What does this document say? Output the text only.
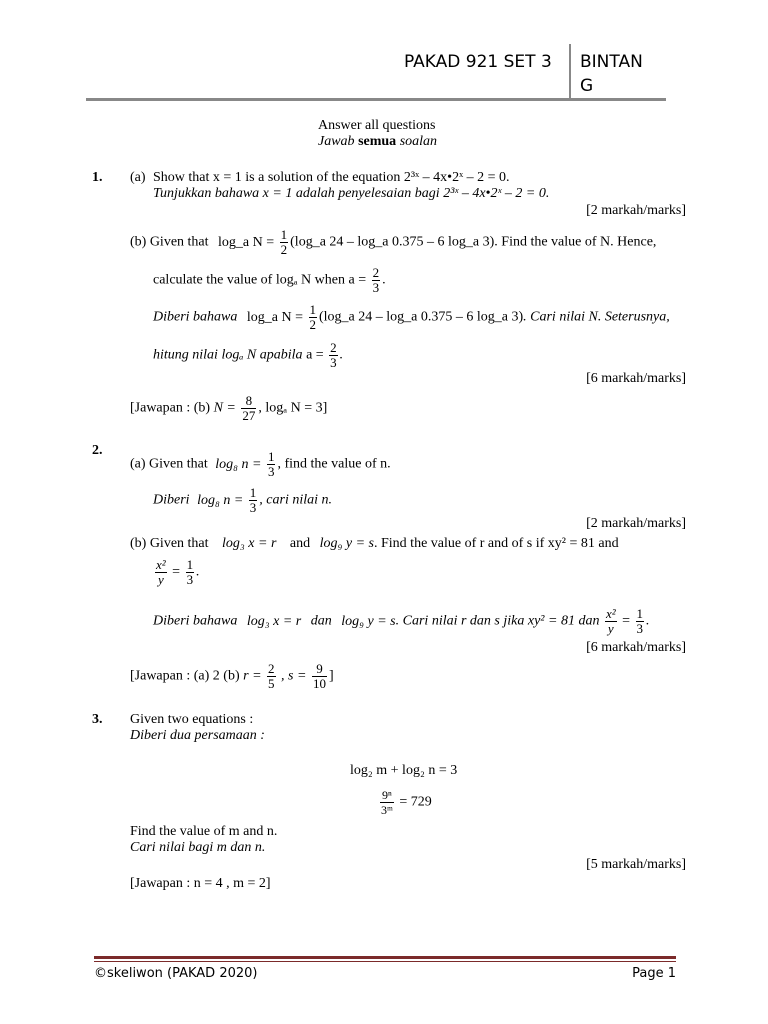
PAKAD 921 SET 3 BINTAN
G
Answer all questions
Jawab semua soalan
1. (a) Show that x = 1 is a solution of the equation 2³ˣ – 4x•2ˣ – 2 = 0.
Tunjukkan bahawa x = 1 adalah penyelesaian bagi 2³ˣ – 4x•2ˣ – 2 = 0.
[2 markah/marks]
(b) Given that log_a $N = \frac{1}{2}$ (log_a 24 – log_a 0.375 – 6 log_a 3). Find the value of N. Hence,
calculate the value of logₐ N when $a = \frac{2}{3}$ .
Diberi bahawa log_a $N = \frac{1}{2}$ (log_a 24 – log_a 0.375 – 6 log_a 3). Cari nilai N. Seterusnya,
hitung nilai logₐ N apabila $a = \frac{2}{3}$ .
[6 markah/marks]
[Jawapan : (b) $N = \frac{8}{27}$ , logₐ N = 3]
2.
(a) Given that log₈ $n = \frac{1}{3}$ , find the value of n.
Diberi log₈ $n = \frac{1}{3}$ , cari nilai n.
[2 markah/marks]
(b) Given that log₃ x = r and log₉ y = s. Find the value of r and of s if xy² = 81 and
$\frac{\text{x²}}{y} = \frac{1}{3}$ .
Diberi bahawa log₃ x = r dan log₉ y = s. Cari nilai r dan s jika xy² = 81 dan $\frac{\text{x²}}{y} = \frac{1}{3}$ .
[6 markah/marks]
[Jawapan : (a) 2 (b) $r = \frac{2}{5}$ , $s = \frac{9}{10}$ ]
3. Given two equations :
Diberi dua persamaan :
log₂ m + log₂ n = 3
$\frac{\text{9ⁿ}}{\text{3ᵐ}} = 729$
Find the value of m and n.
Cari nilai bagi m dan n.
[5 markah/marks]
[Jawapan : n = 4 , m = 2]
©skeliwon (PAKAD 2020)	Page 1
